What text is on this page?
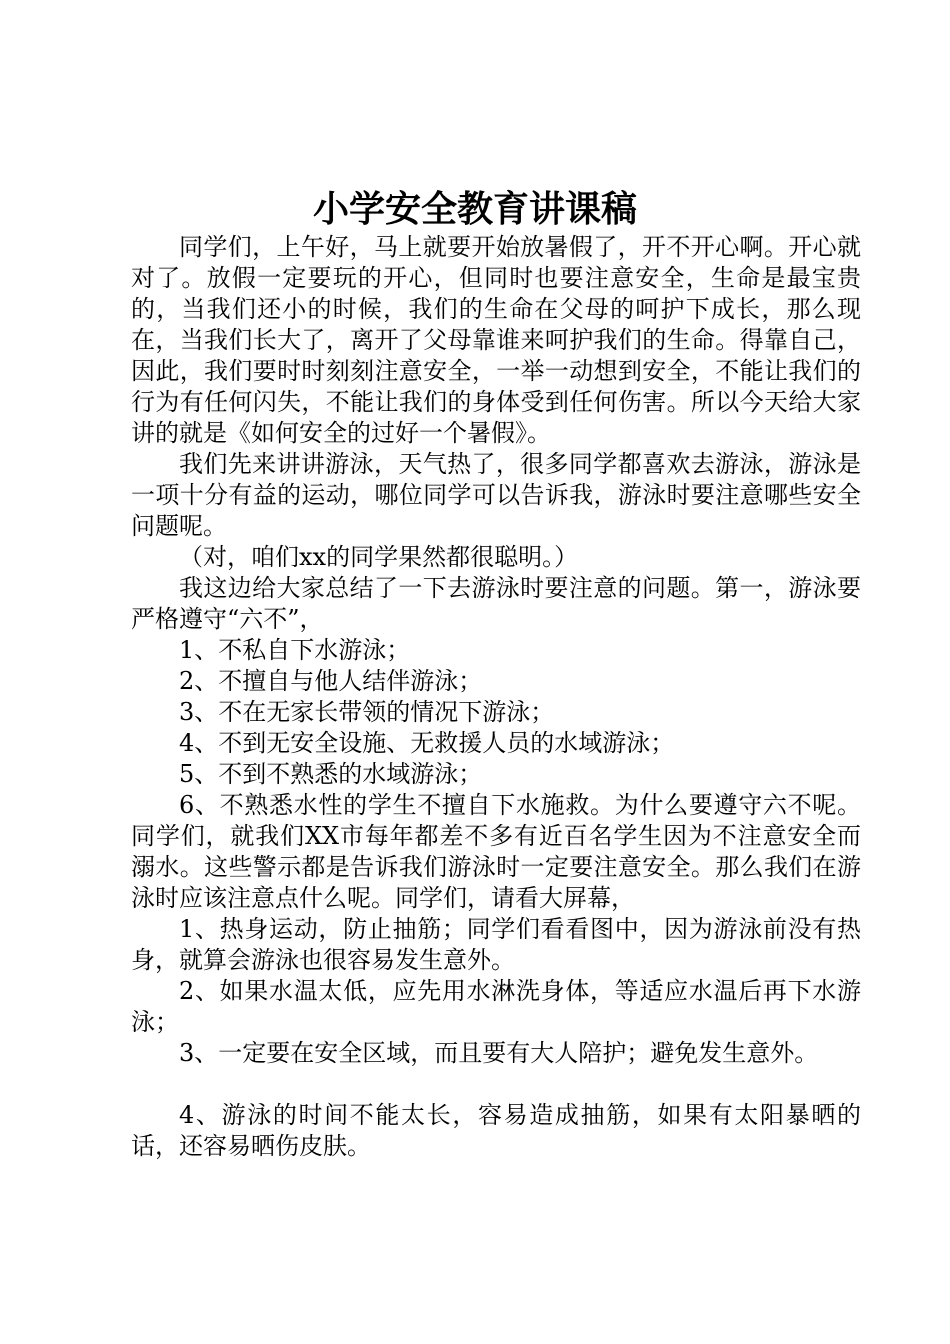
小学安全教育讲课稿

同学们，上午好，马上就要开始放暑假了，开不开心啊。开心就对了。放假一定要玩的开心，但同时也要注意安全，生命是最宝贵的，当我们还小的时候，我们的生命在父母的呵护下成长，那么现在，当我们长大了，离开了父母靠谁来呵护我们的生命。得靠自己，因此，我们要时时刻刻注意安全，一举一动想到安全，不能让我们的行为有任何闪失，不能让我们的身体受到任何伤害。所以今天给大家讲的就是《如何安全的过好一个暑假》。

我们先来讲讲游泳，天气热了，很多同学都喜欢去游泳，游泳是一项十分有益的运动，哪位同学可以告诉我，游泳时要注意哪些安全问题呢。

（对，咱们xx的同学果然都很聪明。）

我这边给大家总结了一下去游泳时要注意的问题。第一，游泳要严格遵守“六不”，

1、不私自下水游泳；

2、不擅自与他人结伴游泳；

3、不在无家长带领的情况下游泳；

4、不到无安全设施、无救援人员的水域游泳；

5、不到不熟悉的水域游泳；

6、不熟悉水性的学生不擅自下水施救。为什么要遵守六不呢。同学们，就我们XX市每年都差不多有近百名学生因为不注意安全而溺水。这些警示都是告诉我们游泳时一定要注意安全。那么我们在游泳时应该注意点什么呢。同学们，请看大屏幕，

1、热身运动，防止抽筋；同学们看看图中，因为游泳前没有热身，就算会游泳也很容易发生意外。

2、如果水温太低，应先用水淋洗身体，等适应水温后再下水游泳；

3、一定要在安全区域，而且要有大人陪护；避免发生意外。

4、游泳的时间不能太长，容易造成抽筋，如果有太阳暴晒的话，还容易晒伤皮肤。
